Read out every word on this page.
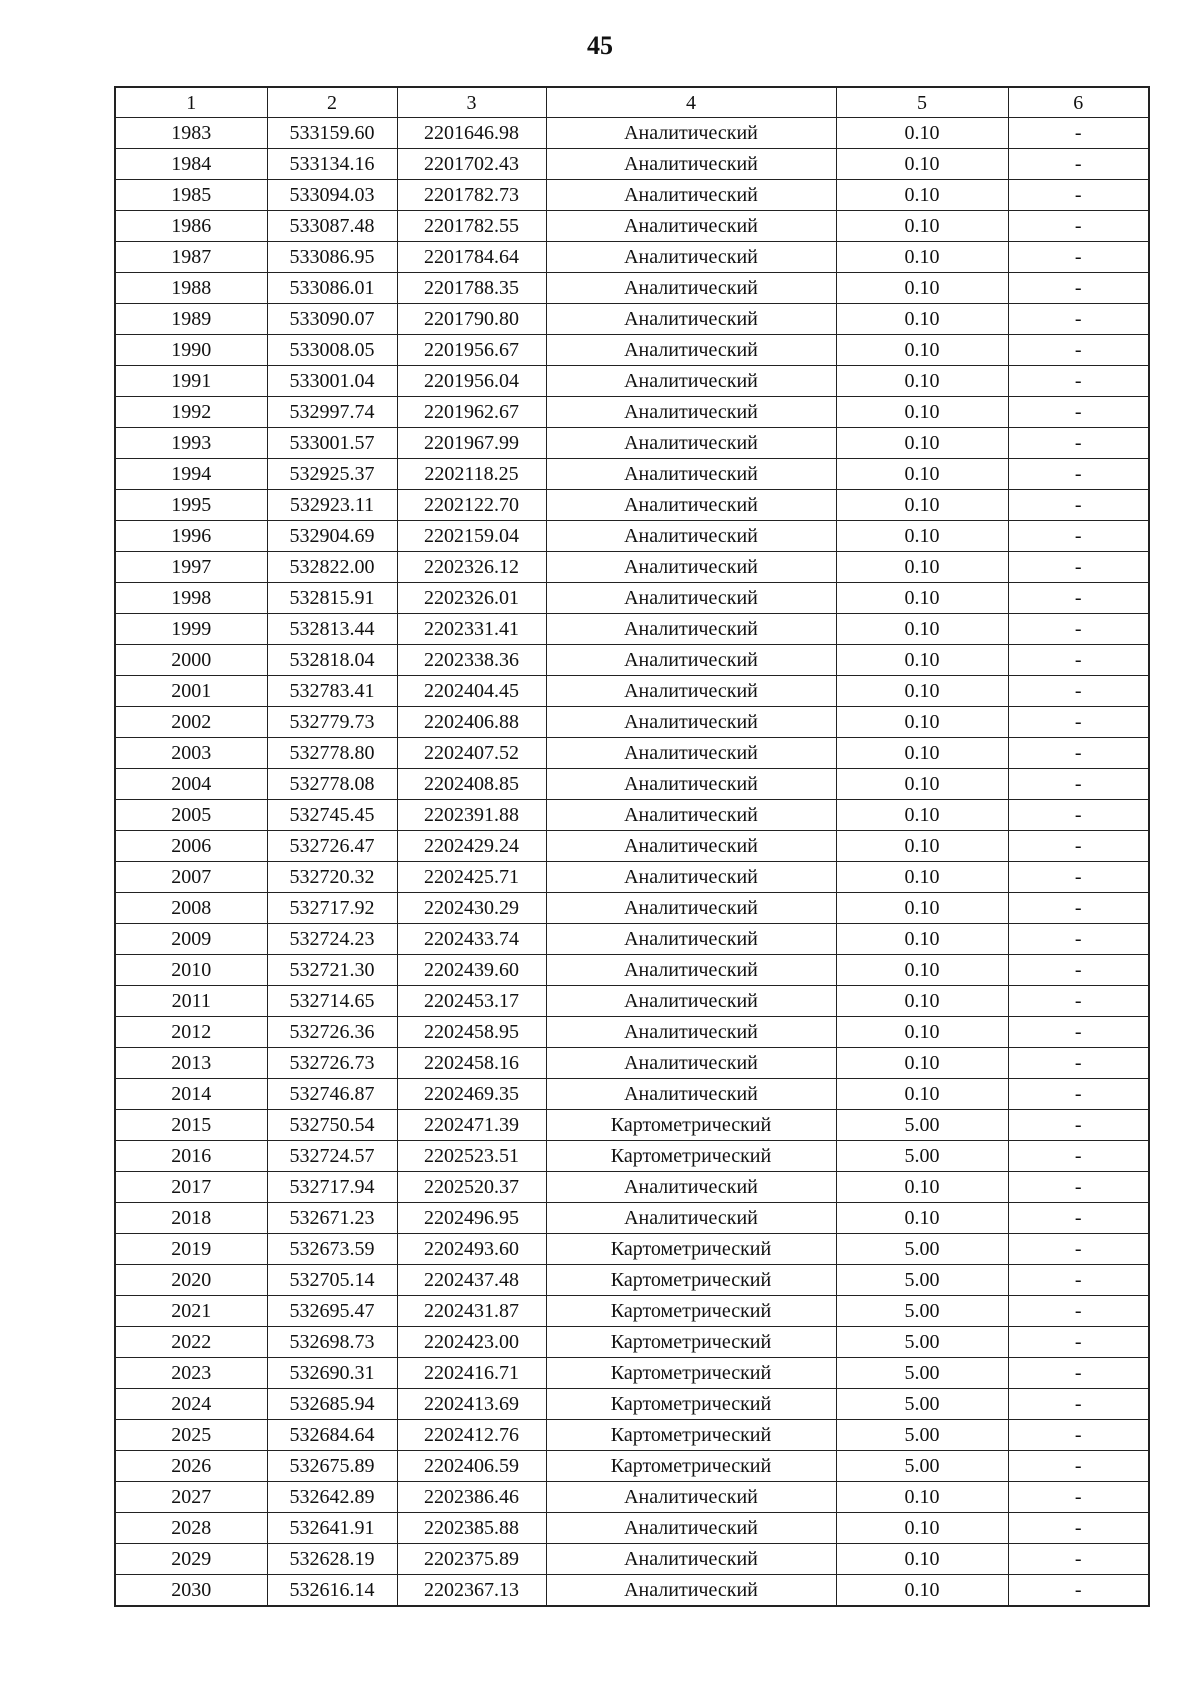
45
1	2	3	4	5	6
1983	533159.60	2201646.98	Аналитический	0.10	-
1984	533134.16	2201702.43	Аналитический	0.10	-
1985	533094.03	2201782.73	Аналитический	0.10	-
1986	533087.48	2201782.55	Аналитический	0.10	-
1987	533086.95	2201784.64	Аналитический	0.10	-
1988	533086.01	2201788.35	Аналитический	0.10	-
1989	533090.07	2201790.80	Аналитический	0.10	-
1990	533008.05	2201956.67	Аналитический	0.10	-
1991	533001.04	2201956.04	Аналитический	0.10	-
1992	532997.74	2201962.67	Аналитический	0.10	-
1993	533001.57	2201967.99	Аналитический	0.10	-
1994	532925.37	2202118.25	Аналитический	0.10	-
1995	532923.11	2202122.70	Аналитический	0.10	-
1996	532904.69	2202159.04	Аналитический	0.10	-
1997	532822.00	2202326.12	Аналитический	0.10	-
1998	532815.91	2202326.01	Аналитический	0.10	-
1999	532813.44	2202331.41	Аналитический	0.10	-
2000	532818.04	2202338.36	Аналитический	0.10	-
2001	532783.41	2202404.45	Аналитический	0.10	-
2002	532779.73	2202406.88	Аналитический	0.10	-
2003	532778.80	2202407.52	Аналитический	0.10	-
2004	532778.08	2202408.85	Аналитический	0.10	-
2005	532745.45	2202391.88	Аналитический	0.10	-
2006	532726.47	2202429.24	Аналитический	0.10	-
2007	532720.32	2202425.71	Аналитический	0.10	-
2008	532717.92	2202430.29	Аналитический	0.10	-
2009	532724.23	2202433.74	Аналитический	0.10	-
2010	532721.30	2202439.60	Аналитический	0.10	-
2011	532714.65	2202453.17	Аналитический	0.10	-
2012	532726.36	2202458.95	Аналитический	0.10	-
2013	532726.73	2202458.16	Аналитический	0.10	-
2014	532746.87	2202469.35	Аналитический	0.10	-
2015	532750.54	2202471.39	Картометрический	5.00	-
2016	532724.57	2202523.51	Картометрический	5.00	-
2017	532717.94	2202520.37	Аналитический	0.10	-
2018	532671.23	2202496.95	Аналитический	0.10	-
2019	532673.59	2202493.60	Картометрический	5.00	-
2020	532705.14	2202437.48	Картометрический	5.00	-
2021	532695.47	2202431.87	Картометрический	5.00	-
2022	532698.73	2202423.00	Картометрический	5.00	-
2023	532690.31	2202416.71	Картометрический	5.00	-
2024	532685.94	2202413.69	Картометрический	5.00	-
2025	532684.64	2202412.76	Картометрический	5.00	-
2026	532675.89	2202406.59	Картометрический	5.00	-
2027	532642.89	2202386.46	Аналитический	0.10	-
2028	532641.91	2202385.88	Аналитический	0.10	-
2029	532628.19	2202375.89	Аналитический	0.10	-
2030	532616.14	2202367.13	Аналитический	0.10	-
